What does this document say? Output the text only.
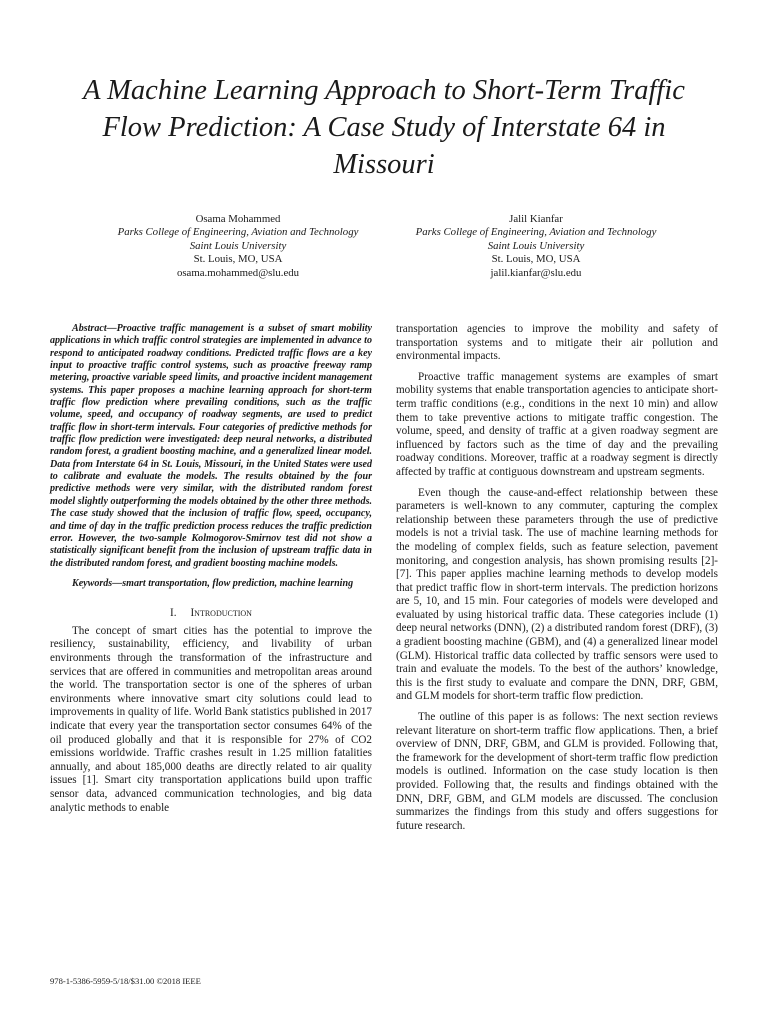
A Machine Learning Approach to Short-Term Traffic
Flow Prediction: A Case Study of Interstate 64 in
Missouri
Osama Mohammed
Parks College of Engineering, Aviation and Technology
Saint Louis University
St. Louis, MO, USA
osama.mohammed@slu.edu
Jalil Kianfar
Parks College of Engineering, Aviation and Technology
Saint Louis University
St. Louis, MO, USA
jalil.kianfar@slu.edu

Abstract—Proactive traffic management is a subset of smart mobility applications in which traffic control strategies are implemented in advance to respond to anticipated roadway conditions. Predicted traffic flows are a key input to proactive traffic control systems, such as proactive freeway ramp metering, proactive variable speed limits, and proactive incident management systems. This paper proposes a machine learning approach for short-term traffic flow prediction where prevailing conditions, such as the traffic volume, speed, and occupancy of roadway segments, are used to predict traffic flow in short-term intervals. Four categories of predictive methods for traffic flow prediction were investigated: deep neural networks, a distributed random forest, a gradient boosting machine, and a generalized linear model. Data from Interstate 64 in St. Louis, Missouri, in the United States were used to calibrate and evaluate the models. The results obtained by the four predictive methods were very similar, with the distributed random forest model slightly outperforming the models obtained by the other three methods. The case study showed that the inclusion of traffic flow, speed, occupancy, and time of day in the traffic prediction process reduces the traffic prediction error. However, the two-sample Kolmogorov-Smirnov test did not show a statistically significant benefit from the inclusion of upstream traffic data in the distributed random forest, and gradient boosting machine models.

Keywords—smart transportation, flow prediction, machine learning

I. Introduction

The concept of smart cities has the potential to improve the resiliency, sustainability, efficiency, and livability of urban environments through the transformation of the infrastructure and services that are offered in communities and metropolitan areas around the world. The transportation sector is one of the spheres of urban environments where innovative smart city solutions could lead to improvements in quality of life. World Bank statistics published in 2017 indicate that every year the transportation sector consumes 64% of the oil produced globally and that it is responsible for 27% of CO2 emissions worldwide. Traffic crashes result in 1.25 million fatalities annually, and about 185,000 deaths are directly related to air quality issues [1]. Smart city transportation applications build upon traffic sensor data, advanced communication technologies, and big data analytic methods to enable

transportation agencies to improve the mobility and safety of transportation systems and to mitigate their air pollution and environmental impacts.

Proactive traffic management systems are examples of smart mobility systems that enable transportation agencies to anticipate short-term traffic conditions (e.g., conditions in the next 10 min) and allow them to take preventive actions to mitigate traffic congestion. The volume, speed, and density of traffic at a given roadway segment are influenced by factors such as the time of day and the prevailing roadway conditions. Moreover, traffic at a roadway segment is directly affected by traffic at contiguous downstream and upstream segments.

Even though the cause-and-effect relationship between these parameters is well-known to any commuter, capturing the complex relationship between these parameters through the use of predictive models is not a trivial task. The use of machine learning methods for the modeling of complex fields, such as feature selection, pavement monitoring, and congestion analysis, has shown promising results [2]-[7]. This paper applies machine learning methods to develop models that predict traffic flow in short-term intervals. The prediction horizons are 5, 10, and 15 min. Four categories of models were developed and evaluated by using historical traffic data. These categories include (1) deep neural networks (DNN), (2) a distributed random forest (DRF), (3) a gradient boosting machine (GBM), and (4) a generalized linear model (GLM). Historical traffic data collected by traffic sensors were used to train and evaluate the models. To the best of the authors’ knowledge, this is the first study to evaluate and compare the DNN, DRF, GBM, and GLM models for short-term traffic flow prediction.

The outline of this paper is as follows: The next section reviews relevant literature on short-term traffic flow applications. Then, a brief overview of DNN, DRF, GBM, and GLM is provided. Following that, the framework for the development of short-term traffic flow prediction models is outlined. Information on the case study location is then provided. Following that, the results and findings obtained with the DNN, DRF, GBM, and GLM models are discussed. The conclusion summarizes the findings from this study and offers suggestions for future research.

978-1-5386-5959-5/18/$31.00 ©2018 IEEE
